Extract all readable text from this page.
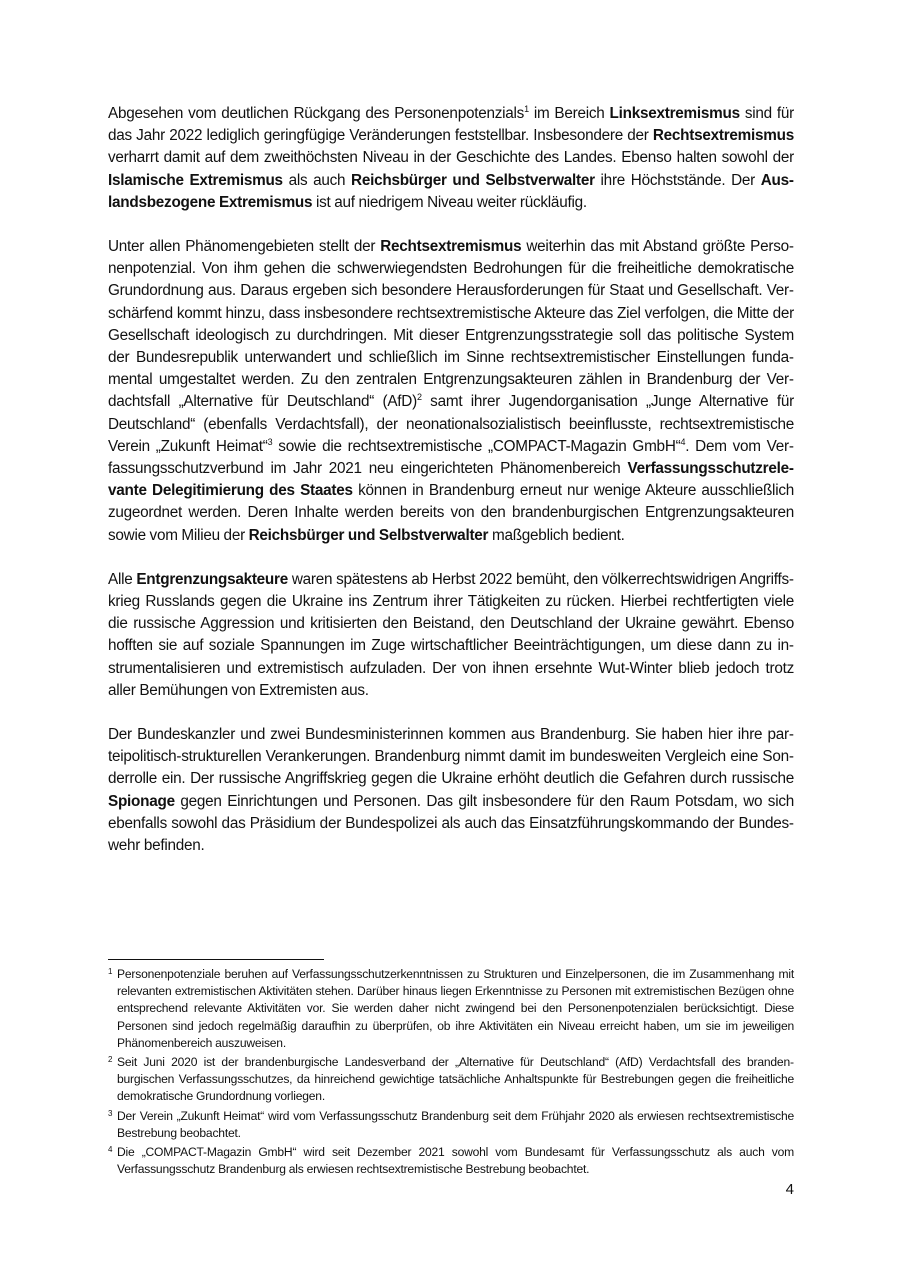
Abgesehen vom deutlichen Rückgang des Personenpotenzials$^1$ im Bereich Linksextremismus sind für das Jahr 2022 lediglich geringfügige Veränderungen feststellbar. Insbesondere der Rechtsextremismus verharrt damit auf dem zweithöchsten Niveau in der Geschichte des Landes. Ebenso halten sowohl der Islamische Extremismus als auch Reichsbürger und Selbstverwalter ihre Höchststände. Der Auslandsbezogene Extremismus ist auf niedrigem Niveau weiter rückläufig.

Unter allen Phänomengebieten stellt der Rechtsextremismus weiterhin das mit Abstand größte Personenpotenzial. Von ihm gehen die schwerwiegendsten Bedrohungen für die freiheitliche demokratische Grundordnung aus. Daraus ergeben sich besondere Herausforderungen für Staat und Gesellschaft. Verschärfend kommt hinzu, dass insbesondere rechtsextremistische Akteure das Ziel verfolgen, die Mitte der Gesellschaft ideologisch zu durchdringen. Mit dieser Entgrenzungsstrategie soll das politische System der Bundesrepublik unterwandert und schließlich im Sinne rechtsextremistischer Einstellungen fundamental umgestaltet werden. Zu den zentralen Entgrenzungsakteuren zählen in Brandenburg der Verdachtsfall „Alternative für Deutschland“ (AfD)$^2$ samt ihrer Jugendorganisation „Junge Alternative für Deutschland“ (ebenfalls Verdachtsfall), der neonationalsozialistisch beeinflusste, rechtsextremistische Verein „Zukunft Heimat“$^3$ sowie die rechtsextremistische „COMPACT-Magazin GmbH“$^4$. Dem vom Verfassungsschutzverbund im Jahr 2021 neu eingerichteten Phänomenbereich Verfassungsschutzrelevante Delegitimierung des Staates können in Brandenburg erneut nur wenige Akteure ausschließlich zugeordnet werden. Deren Inhalte werden bereits von den brandenburgischen Entgrenzungsakteuren sowie vom Milieu der Reichsbürger und Selbstverwalter maßgeblich bedient.

Alle Entgrenzungsakteure waren spätestens ab Herbst 2022 bemüht, den völkerrechtswidrigen Angriffskrieg Russlands gegen die Ukraine ins Zentrum ihrer Tätigkeiten zu rücken. Hierbei rechtfertigten viele die russische Aggression und kritisierten den Beistand, den Deutschland der Ukraine gewährt. Ebenso hofften sie auf soziale Spannungen im Zuge wirtschaftlicher Beeinträchtigungen, um diese dann zu instrumentalisieren und extremistisch aufzuladen. Der von ihnen ersehnte Wut-Winter blieb jedoch trotz aller Bemühungen von Extremisten aus.

Der Bundeskanzler und zwei Bundesministerinnen kommen aus Brandenburg. Sie haben hier ihre parteipolitisch-strukturellen Verankerungen. Brandenburg nimmt damit im bundesweiten Vergleich eine Sonderrolle ein. Der russische Angriffskrieg gegen die Ukraine erhöht deutlich die Gefahren durch russische Spionage gegen Einrichtungen und Personen. Das gilt insbesondere für den Raum Potsdam, wo sich ebenfalls sowohl das Präsidium der Bundespolizei als auch das Einsatzführungskommando der Bundeswehr befinden.

1 Personenpotenziale beruhen auf Verfassungsschutzerkenntnissen zu Strukturen und Einzelpersonen, die im Zusammenhang mit relevanten extremistischen Aktivitäten stehen. Darüber hinaus liegen Erkenntnisse zu Personen mit extremistischen Bezügen ohne entsprechend relevante Aktivitäten vor. Sie werden daher nicht zwingend bei den Personenpotenzialen berücksichtigt. Diese Personen sind jedoch regelmäßig daraufhin zu überprüfen, ob ihre Aktivitäten ein Niveau erreicht haben, um sie im jeweiligen Phänomenbereich auszuweisen.
2 Seit Juni 2020 ist der brandenburgische Landesverband der „Alternative für Deutschland“ (AfD) Verdachtsfall des brandenburgischen Verfassungsschutzes, da hinreichend gewichtige tatsächliche Anhaltspunkte für Bestrebungen gegen die freiheitliche demokratische Grundordnung vorliegen.
3 Der Verein „Zukunft Heimat“ wird vom Verfassungsschutz Brandenburg seit dem Frühjahr 2020 als erwiesen rechtsextremistische Bestrebung beobachtet.
4 Die „COMPACT-Magazin GmbH“ wird seit Dezember 2021 sowohl vom Bundesamt für Verfassungsschutz als auch vom Verfassungsschutz Brandenburg als erwiesen rechtsextremistische Bestrebung beobachtet.
4
